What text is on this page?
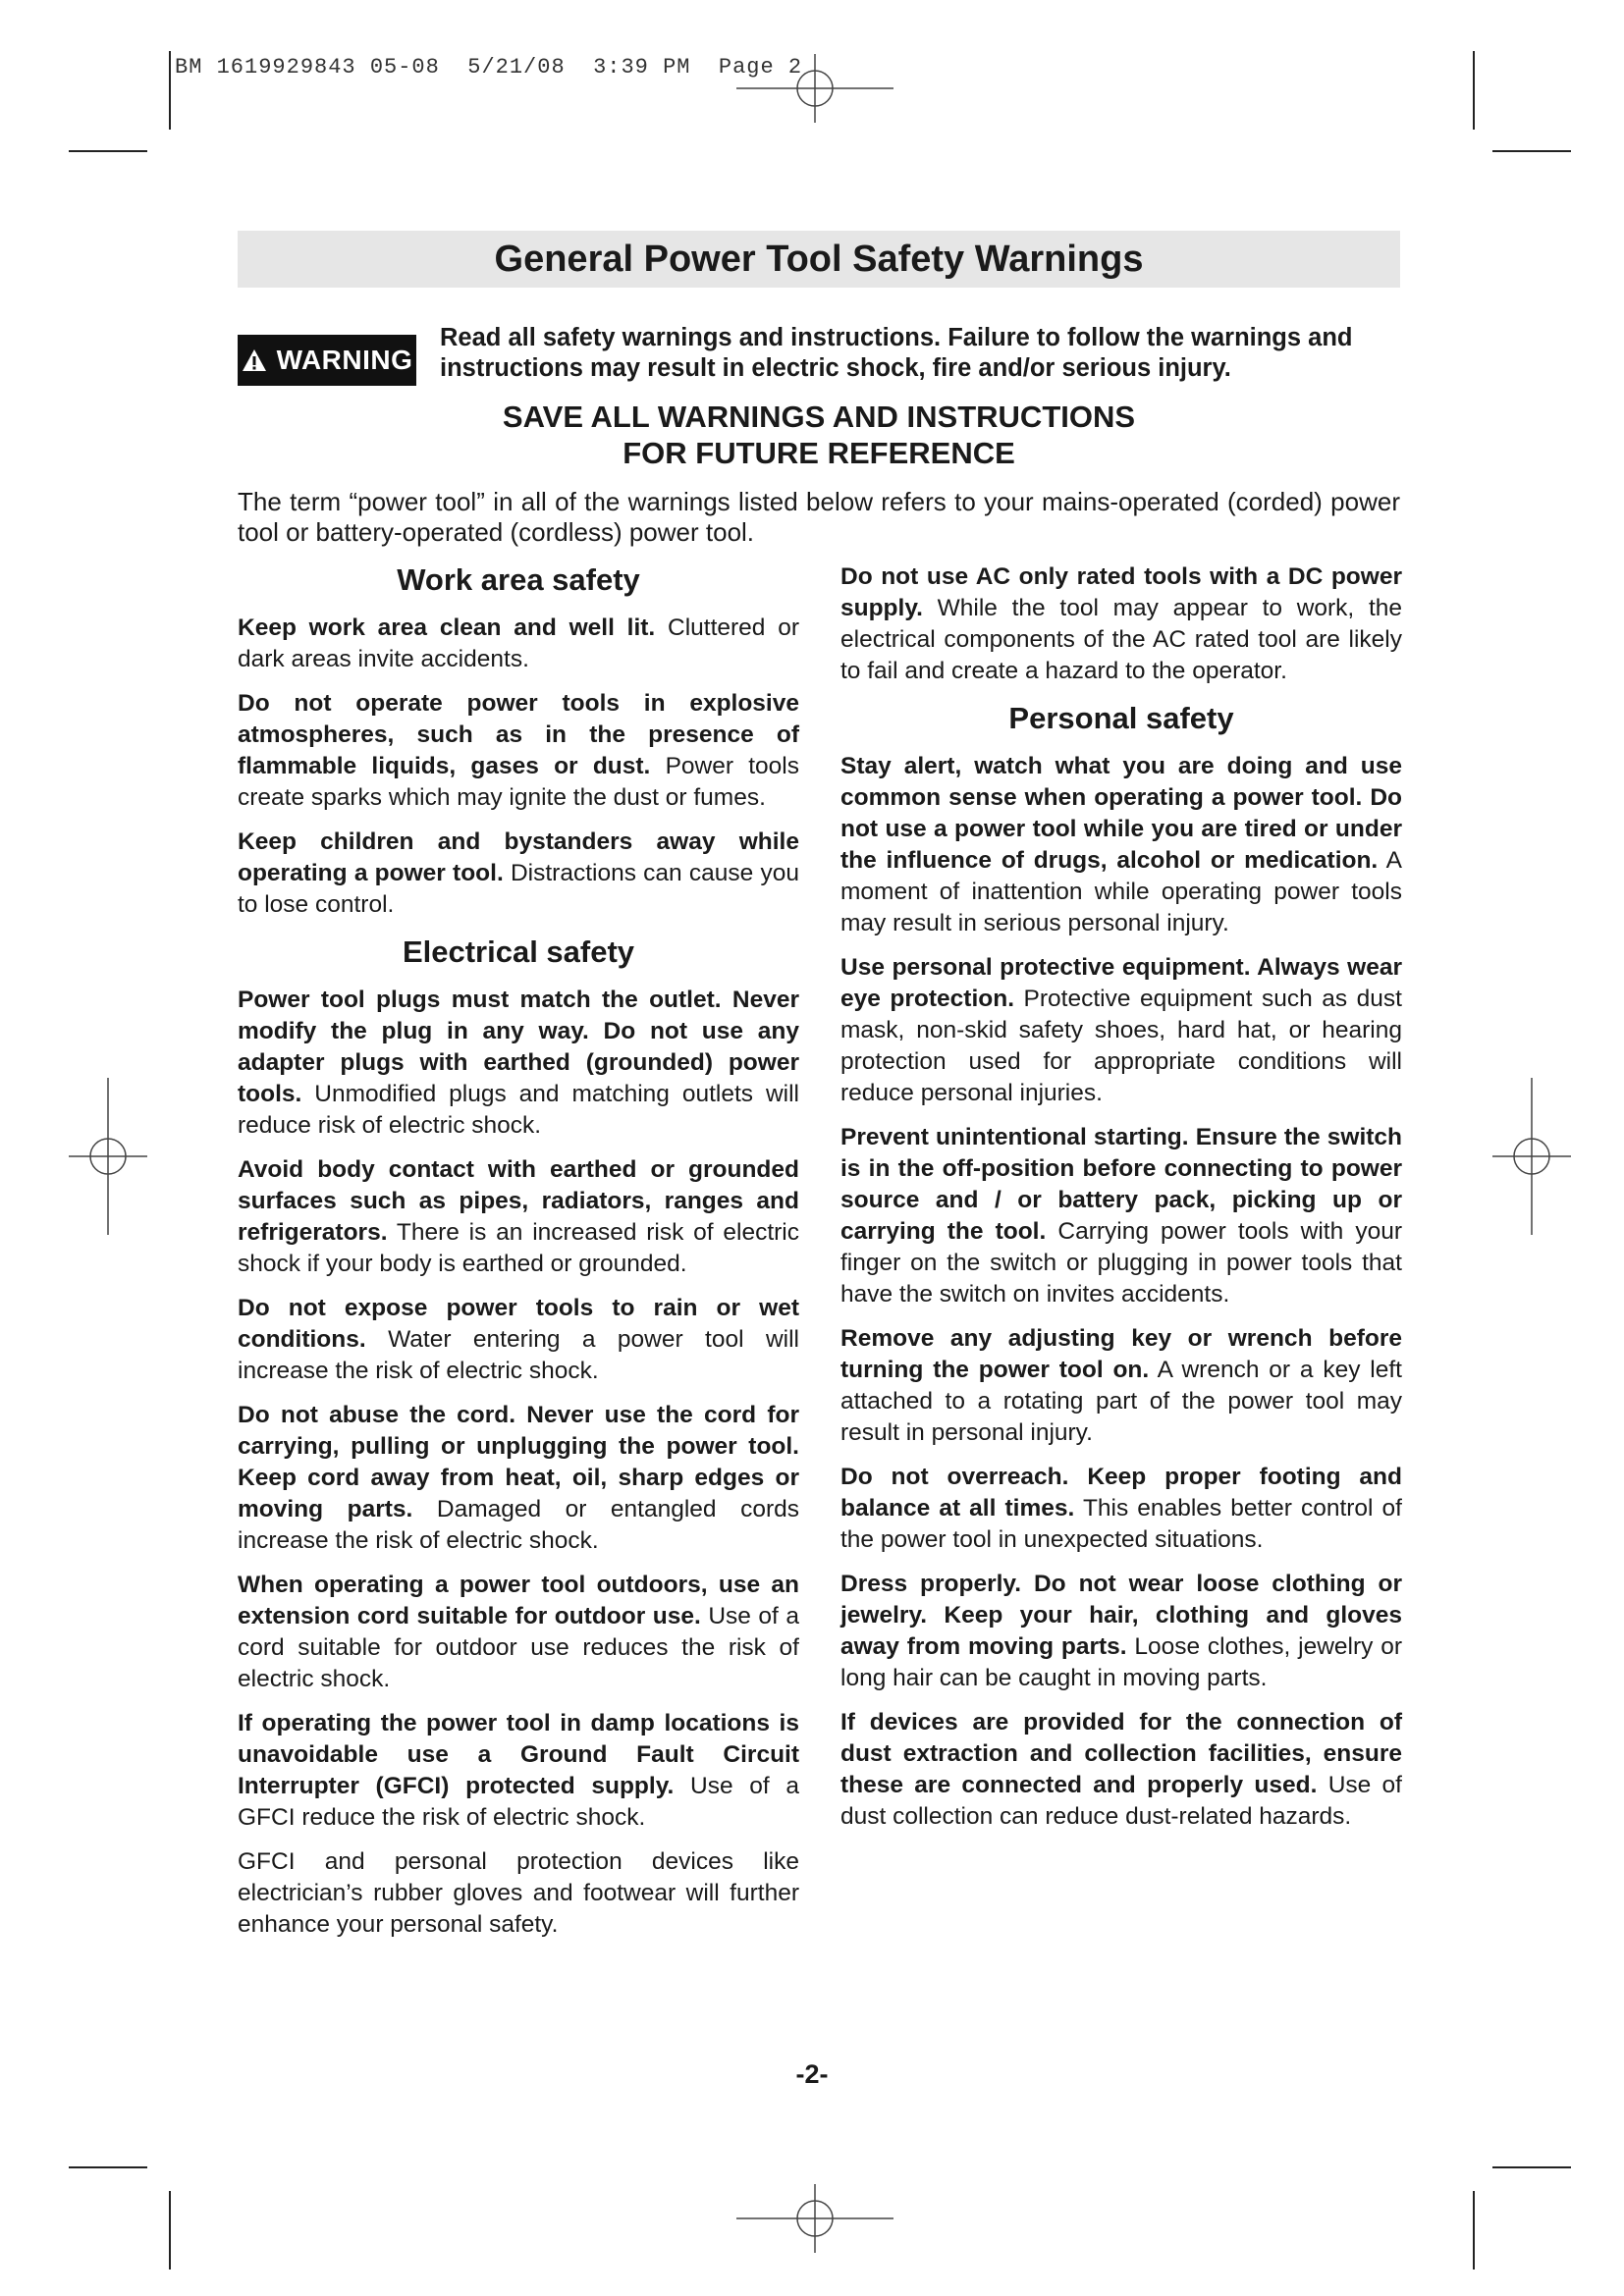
BM 1619929843 05-08  5/21/08  3:39 PM  Page 2
General Power Tool Safety Warnings
WARNING
Read all safety warnings and instructions. Failure to follow the warnings and instructions may result in electric shock, fire and/or serious injury.
SAVE ALL WARNINGS AND INSTRUCTIONS
FOR FUTURE REFERENCE
The term “power tool” in all of the warnings listed below refers to your mains-operated (corded) power tool or battery-operated (cordless) power tool.
Work area safety

Keep work area clean and well lit. Cluttered or dark areas invite accidents.

Do not operate power tools in explosive atmospheres, such as in the presence of flammable liquids, gases or dust. Power tools create sparks which may ignite the dust or fumes.

Keep children and bystanders away while operating a power tool. Distractions can cause you to lose control.

Electrical safety

Power tool plugs must match the outlet. Never modify the plug in any way. Do not use any adapter plugs with earthed (grounded) power tools. Unmodified plugs and matching outlets will reduce risk of electric shock.

Avoid body contact with earthed or grounded surfaces such as pipes, radiators, ranges and refrigerators. There is an increased risk of electric shock if your body is earthed or grounded.

Do not expose power tools to rain or wet conditions. Water entering a power tool will increase the risk of electric shock.

Do not abuse the cord. Never use the cord for carrying, pulling or unplugging the power tool. Keep cord away from heat, oil, sharp edges or moving parts. Damaged or entangled cords increase the risk of electric shock.

When operating a power tool outdoors, use an extension cord suitable for outdoor use. Use of a cord suitable for outdoor use reduces the risk of electric shock.

If operating the power tool in damp locations is unavoidable use a Ground Fault Circuit Interrupter (GFCI) protected supply. Use of a GFCI reduce the risk of electric shock.

GFCI and personal protection devices like electrician’s rubber gloves and footwear will further enhance your personal safety.

Do not use AC only rated tools with a DC power supply. While the tool may appear to work, the electrical components of the AC rated tool are likely to fail and create a hazard to the operator.

Personal safety

Stay alert, watch what you are doing and use common sense when operating a power tool. Do not use a power tool while you are tired or under the influence of drugs, alcohol or medication. A moment of inattention while operating power tools may result in serious personal injury.

Use personal protective equipment. Always wear eye protection. Protective equipment such as dust mask, non-skid safety shoes, hard hat, or hearing protection used for appropriate conditions will reduce personal injuries.

Prevent unintentional starting. Ensure the switch is in the off-position before connecting to power source and / or battery pack, picking up or carrying the tool. Carrying power tools with your finger on the switch or plugging in power tools that have the switch on invites accidents.

Remove any adjusting key or wrench before turning the power tool on. A wrench or a key left attached to a rotating part of the power tool may result in personal injury.

Do not overreach. Keep proper footing and balance at all times. This enables better control of the power tool in unexpected situations.

Dress properly. Do not wear loose clothing or jewelry. Keep your hair, clothing and gloves away from moving parts. Loose clothes, jewelry or long hair can be caught in moving parts.

If devices are provided for the connection of dust extraction and collection facilities, ensure these are connected and properly used. Use of dust collection can reduce dust-related hazards.

-2-
